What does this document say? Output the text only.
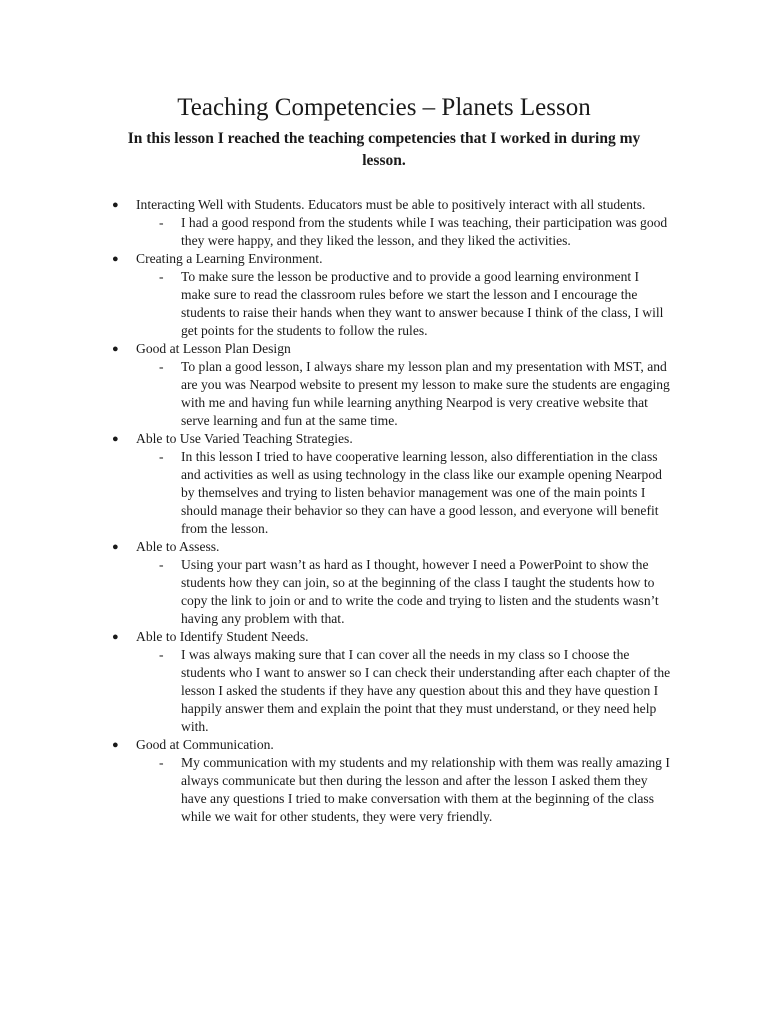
Teaching Competencies – Planets Lesson

In this lesson I reached the teaching competencies that I worked in during my lesson.

● Interacting Well with Students. Educators must be able to positively interact with all students.
- I had a good respond from the students while I was teaching, their participation was good they were happy, and they liked the lesson, and they liked the activities.
● Creating a Learning Environment.
- To make sure the lesson be productive and to provide a good learning environment I make sure to read the classroom rules before we start the lesson and I encourage the students to raise their hands when they want to answer because I think of the class, I will get points for the students to follow the rules.
● Good at Lesson Plan Design
- To plan a good lesson, I always share my lesson plan and my presentation with MST, and are you was Nearpod website to present my lesson to make sure the students are engaging with me and having fun while learning anything Nearpod is very creative website that serve learning and fun at the same time.
● Able to Use Varied Teaching Strategies.
- In this lesson I tried to have cooperative learning lesson, also differentiation in the class and activities as well as using technology in the class like our example opening Nearpod by themselves and trying to listen behavior management was one of the main points I should manage their behavior so they can have a good lesson, and everyone will benefit from the lesson.
● Able to Assess.
- Using your part wasn’t as hard as I thought, however I need a PowerPoint to show the students how they can join, so at the beginning of the class I taught the students how to copy the link to join or and to write the code and trying to listen and the students wasn’t having any problem with that.
● Able to Identify Student Needs.
- I was always making sure that I can cover all the needs in my class so I choose the students who I want to answer so I can check their understanding after each chapter of the lesson I asked the students if they have any question about this and they have question I happily answer them and explain the point that they must understand, or they need help with.
● Good at Communication.
- My communication with my students and my relationship with them was really amazing I always communicate but then during the lesson and after the lesson I asked them they have any questions I tried to make conversation with them at the beginning of the class while we wait for other students, they were very friendly.
